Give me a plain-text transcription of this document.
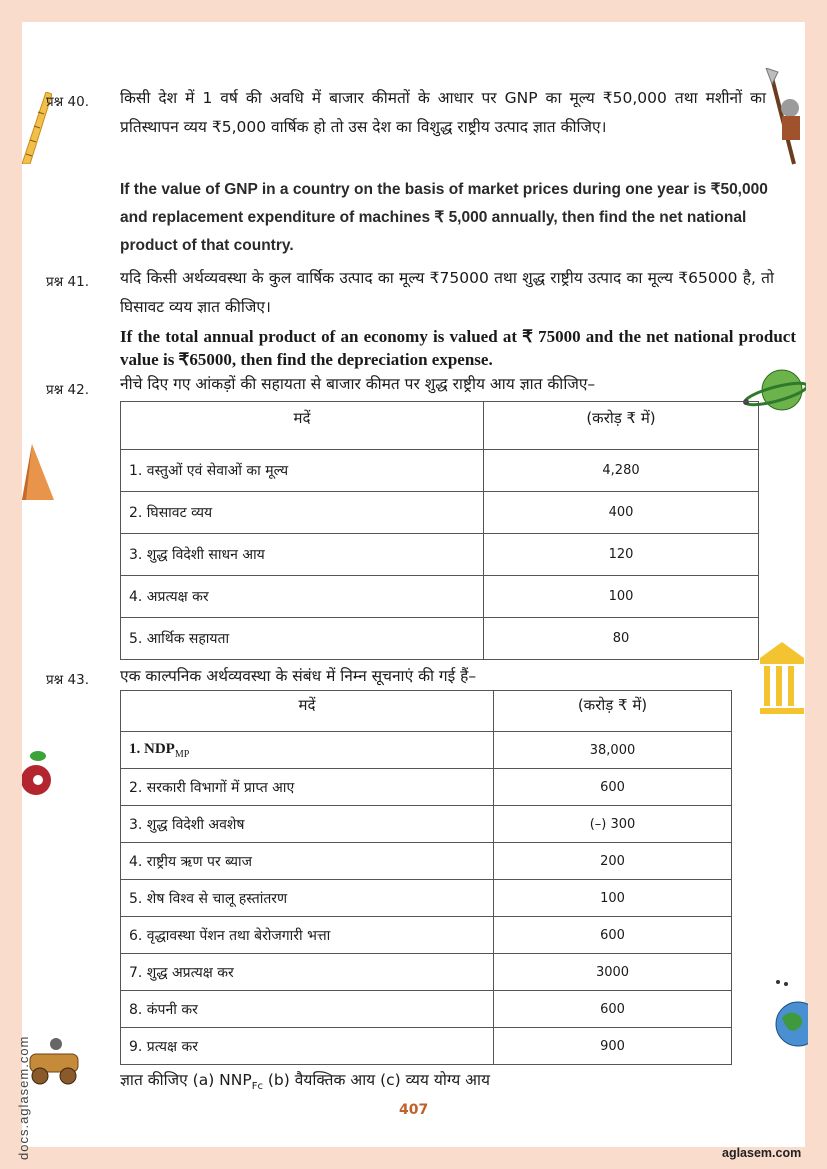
docs.aglasem.com
प्रश्न 40. किसी देश में 1 वर्ष की अवधि में बाजार कीमतों के आधार पर GNP का मूल्य ₹50,000 तथा मशीनों का प्रतिस्थापन व्यय ₹5,000 वार्षिक हो तो उस देश का विशुद्ध राष्ट्रीय उत्पाद ज्ञात कीजिए।
If the value of GNP in a country on the basis of market prices during one year is ₹50,000 and replacement expenditure of machines ₹ 5,000 annually, then find the net national product of that country.
प्रश्न 41. यदि किसी अर्थव्यवस्था के कुल वार्षिक उत्पाद का मूल्य ₹75000 तथा शुद्ध राष्ट्रीय उत्पाद का मूल्य ₹65000 है, तो घिसावट व्यय ज्ञात कीजिए।
If the total annual product of an economy is valued at ₹ 75000 and the net national product value is ₹65000, then find the depreciation expense.
प्रश्न 42. नीचे दिए गए आंकड़ों की सहायता से बाजार कीमत पर शुद्ध राष्ट्रीय आय ज्ञात कीजिए–
मदें	(करोड़ ₹ में)
1. वस्तुओं एवं सेवाओं का मूल्य	4,280
2. घिसावट व्यय	400
3. शुद्ध विदेशी साधन आय	120
4. अप्रत्यक्ष कर	100
5. आर्थिक सहायता	80
प्रश्न 43. एक काल्पनिक अर्थव्यवस्था के संबंध में निम्न सूचनाएं की गई हैं–
मदें	(करोड़ ₹ में)
1. $NDP_{MP}$	38,000
2. सरकारी विभागों में प्राप्त आए	600
3. शुद्ध विदेशी अवशेष	(–) 300
4. राष्ट्रीय ऋण पर ब्याज	200
5. शेष विश्व से चालू हस्तांतरण	100
6. वृद्धावस्था पेंशन तथा बेरोजगारी भत्ता	600
7. शुद्ध अप्रत्यक्ष कर	3000
8. कंपनी कर	600
9. प्रत्यक्ष कर	900
ज्ञात कीजिए (a) $NNP_{Fc}$ (b) वैयक्तिक आय (c) व्यय योग्य आय
407
aglasem.com
